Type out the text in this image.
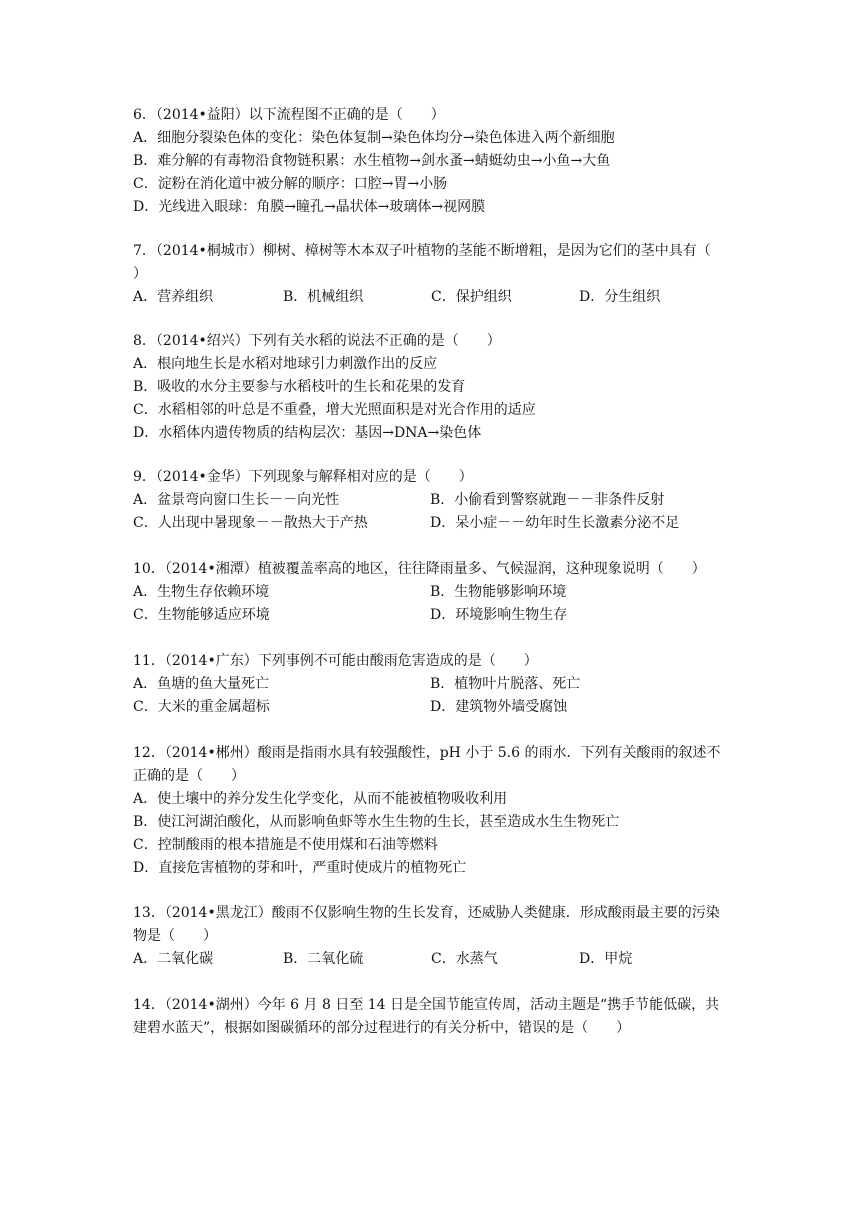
6．（2014•益阳）以下流程图不正确的是（　　）
A．细胞分裂染色体的变化：染色体复制→染色体均分→染色体进入两个新细胞
B．难分解的有毒物沿食物链积累：水生植物→剑水蚤→蜻蜓幼虫→小鱼→大鱼
C．淀粉在消化道中被分解的顺序：口腔→胃→小肠
D．光线进入眼球：角膜→瞳孔→晶状体→玻璃体→视网膜
7．（2014•桐城市）柳树、樟树等木本双子叶植物的茎能不断增粗，是因为它们的茎中具有（　　）
A．营养组织	B．机械组织	C．保护组织	D．分生组织
8．（2014•绍兴）下列有关水稻的说法不正确的是（　　）
A．根向地生长是水稻对地球引力刺激作出的反应
B．吸收的水分主要参与水稻枝叶的生长和花果的发育
C．水稻相邻的叶总是不重叠，增大光照面积是对光合作用的适应
D．水稻体内遗传物质的结构层次：基因→DNA→染色体
9．（2014•金华）下列现象与解释相对应的是（　　）
A．盆景弯向窗口生长－－向光性	B．小偷看到警察就跑－－非条件反射
C．人出现中暑现象－－散热大于产热	D．呆小症－－幼年时生长激素分泌不足
10．（2014•湘潭）植被覆盖率高的地区，往往降雨量多、气候湿润，这种现象说明（　　）
A．生物生存依赖环境	B．生物能够影响环境
C．生物能够适应环境	D．环境影响生物生存
11．（2014•广东）下列事例不可能由酸雨危害造成的是（　　）
A．鱼塘的鱼大量死亡	B．植物叶片脱落、死亡
C．大米的重金属超标	D．建筑物外墙受腐蚀
12．（2014•郴州）酸雨是指雨水具有较强酸性，pH 小于 5.6 的雨水．下列有关酸雨的叙述不正确的是（　　）
A．使土壤中的养分发生化学变化，从而不能被植物吸收利用
B．使江河湖泊酸化，从而影响鱼虾等水生生物的生长，甚至造成水生生物死亡
C．控制酸雨的根本措施是不使用煤和石油等燃料
D．直接危害植物的芽和叶，严重时使成片的植物死亡
13．（2014•黑龙江）酸雨不仅影响生物的生长发育，还威胁人类健康．形成酸雨最主要的污染物是（　　）
A．二氧化碳	B．二氧化硫	C．水蒸气	D．甲烷
14．（2014•湖州）今年 6 月 8 日至 14 日是全国节能宣传周，活动主题是“携手节能低碳，共建碧水蓝天”，根据如图碳循环的部分过程进行的有关分析中，错误的是（　　）
